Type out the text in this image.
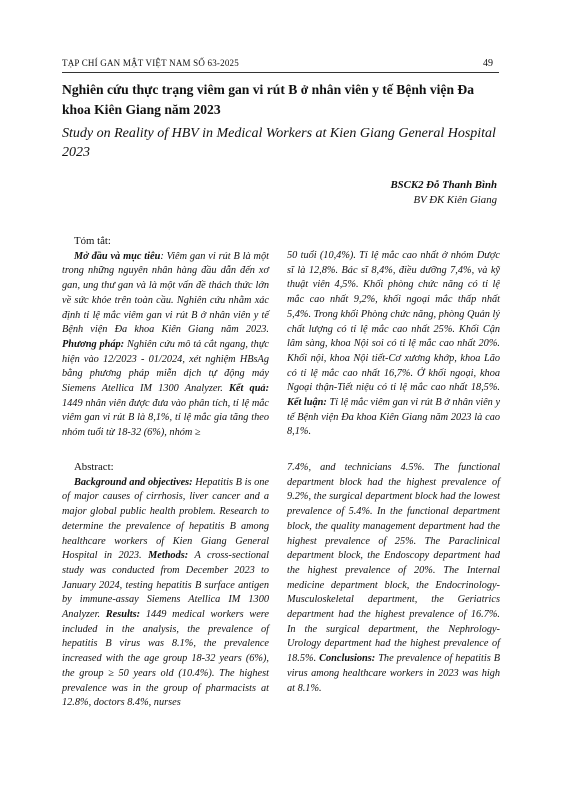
TẠP CHÍ GAN MẬT VIỆT NAM SỐ 63-2025	49
Nghiên cứu thực trạng viêm gan vi rút B ở nhân viên y tế Bệnh viện Đa khoa Kiên Giang năm 2023
Study on Reality of HBV in Medical Workers at Kien Giang General Hospital 2023
BSCK2 Đỗ Thanh Bình
BV ĐK Kiên Giang

Tóm tắt:

Mở đầu và mục tiêu: Viêm gan vi rút B là một trong những nguyên nhân hàng đầu dẫn đến xơ gan, ung thư gan và là một vấn đề thách thức lớn về sức khỏe trên toàn cầu. Nghiên cứu nhằm xác định tỉ lệ mắc viêm gan vi rút B ở nhân viên y tế Bệnh viện Đa khoa Kiên Giang năm 2023. Phương pháp: Nghiên cứu mô tả cắt ngang, thực hiện vào 12/2023 - 01/2024, xét nghiệm HBsAg bằng phương pháp miễn dịch tự động máy Siemens Atellica IM 1300 Analyzer. Kết quả: 1449 nhân viên được đưa vào phân tích, tỉ lệ mắc viêm gan vi rút B là 8,1%, tỉ lệ mắc gia tăng theo nhóm tuổi từ 18-32 (6%), nhóm ≥

50 tuổi (10,4%). Tỉ lệ mắc cao nhất ở nhóm Dược sĩ là 12,8%. Bác sĩ 8,4%, điều dưỡng 7,4%, và kỹ thuật viên 4,5%. Khối phòng chức năng có tỉ lệ mắc cao nhất 9,2%, khối ngoại mắc thấp nhất 5,4%. Trong khối Phòng chức năng, phòng Quản lý chất lượng có tỉ lệ mắc cao nhất 25%. Khối Cận lâm sàng, khoa Nội soi có tỉ lệ mắc cao nhất 20%. Khối nội, khoa Nội tiết-Cơ xương khớp, khoa Lão có tỉ lệ mắc cao nhất 16,7%. Ở khối ngoại, khoa Ngoại thận-Tiết niệu có tỉ lệ mắc cao nhất 18,5%. Kết luận: Tỉ lệ mắc viêm gan vi rút B ở nhân viên y tế Bệnh viện Đa khoa Kiên Giang năm 2023 là cao 8,1%.

Abstract:

Background and objectives: Hepatitis B is one of major causes of cirrhosis, liver cancer and a major global public health problem. Research to determine the prevalence of hepatitis B among healthcare workers of Kien Giang General Hospital in 2023. Methods: A cross-sectional study was conducted from December 2023 to January 2024, testing hepatitis B surface antigen by immune-assay Siemens Atellica IM 1300 Analyzer. Results: 1449 medical workers were included in the analysis, the prevalence of hepatitis B virus was 8.1%, the prevalence increased with the age group 18-32 years (6%), the group ≥ 50 years old (10.4%). The highest prevalence was in the group of pharmacists at 12.8%, doctors 8.4%, nurses

7.4%, and technicians 4.5%. The functional department block had the highest prevalence of 9.2%, the surgical department block had the lowest prevalence of 5.4%. In the functional department block, the quality management department had the highest prevalence of 25%. The Paraclinical department block, the Endoscopy department had the highest prevalence of 20%. The Internal medicine department block, the Endocrinology-Musculoskeletal department, the Geriatrics department had the highest prevalence of 16.7%. In the surgical department, the Nephrology-Urology department had the highest prevalence of 18.5%. Conclusions: The prevalence of hepatitis B virus among healthcare workers in 2023 was high at 8.1%.
